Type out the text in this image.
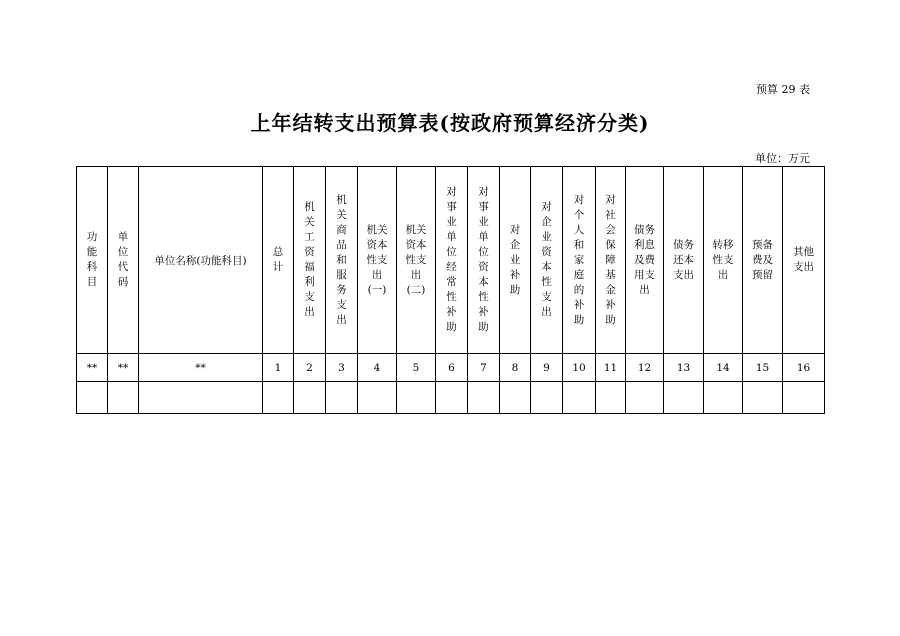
预算 29 表
上年结转支出预算表(按政府预算经济分类)
单位：万元
功能科目	单位代码	单位名称(功能科目)	总计	机关工资福利支出	机关商品和服务支出	机关资本性支出(一)	机关资本性支出(二)	对事业单位经常性补助	对事业单位资本性补助	对企业补助	对企业资本性支出	对个人和家庭的补助	对社会保障基金补助	债务利息及费用支出	债务还本支出	转移性支出	预备费及预留	其他支出

**	**	**	1	2	3	4	5	6	7	8	9	10	11	12	13	14	15	16
